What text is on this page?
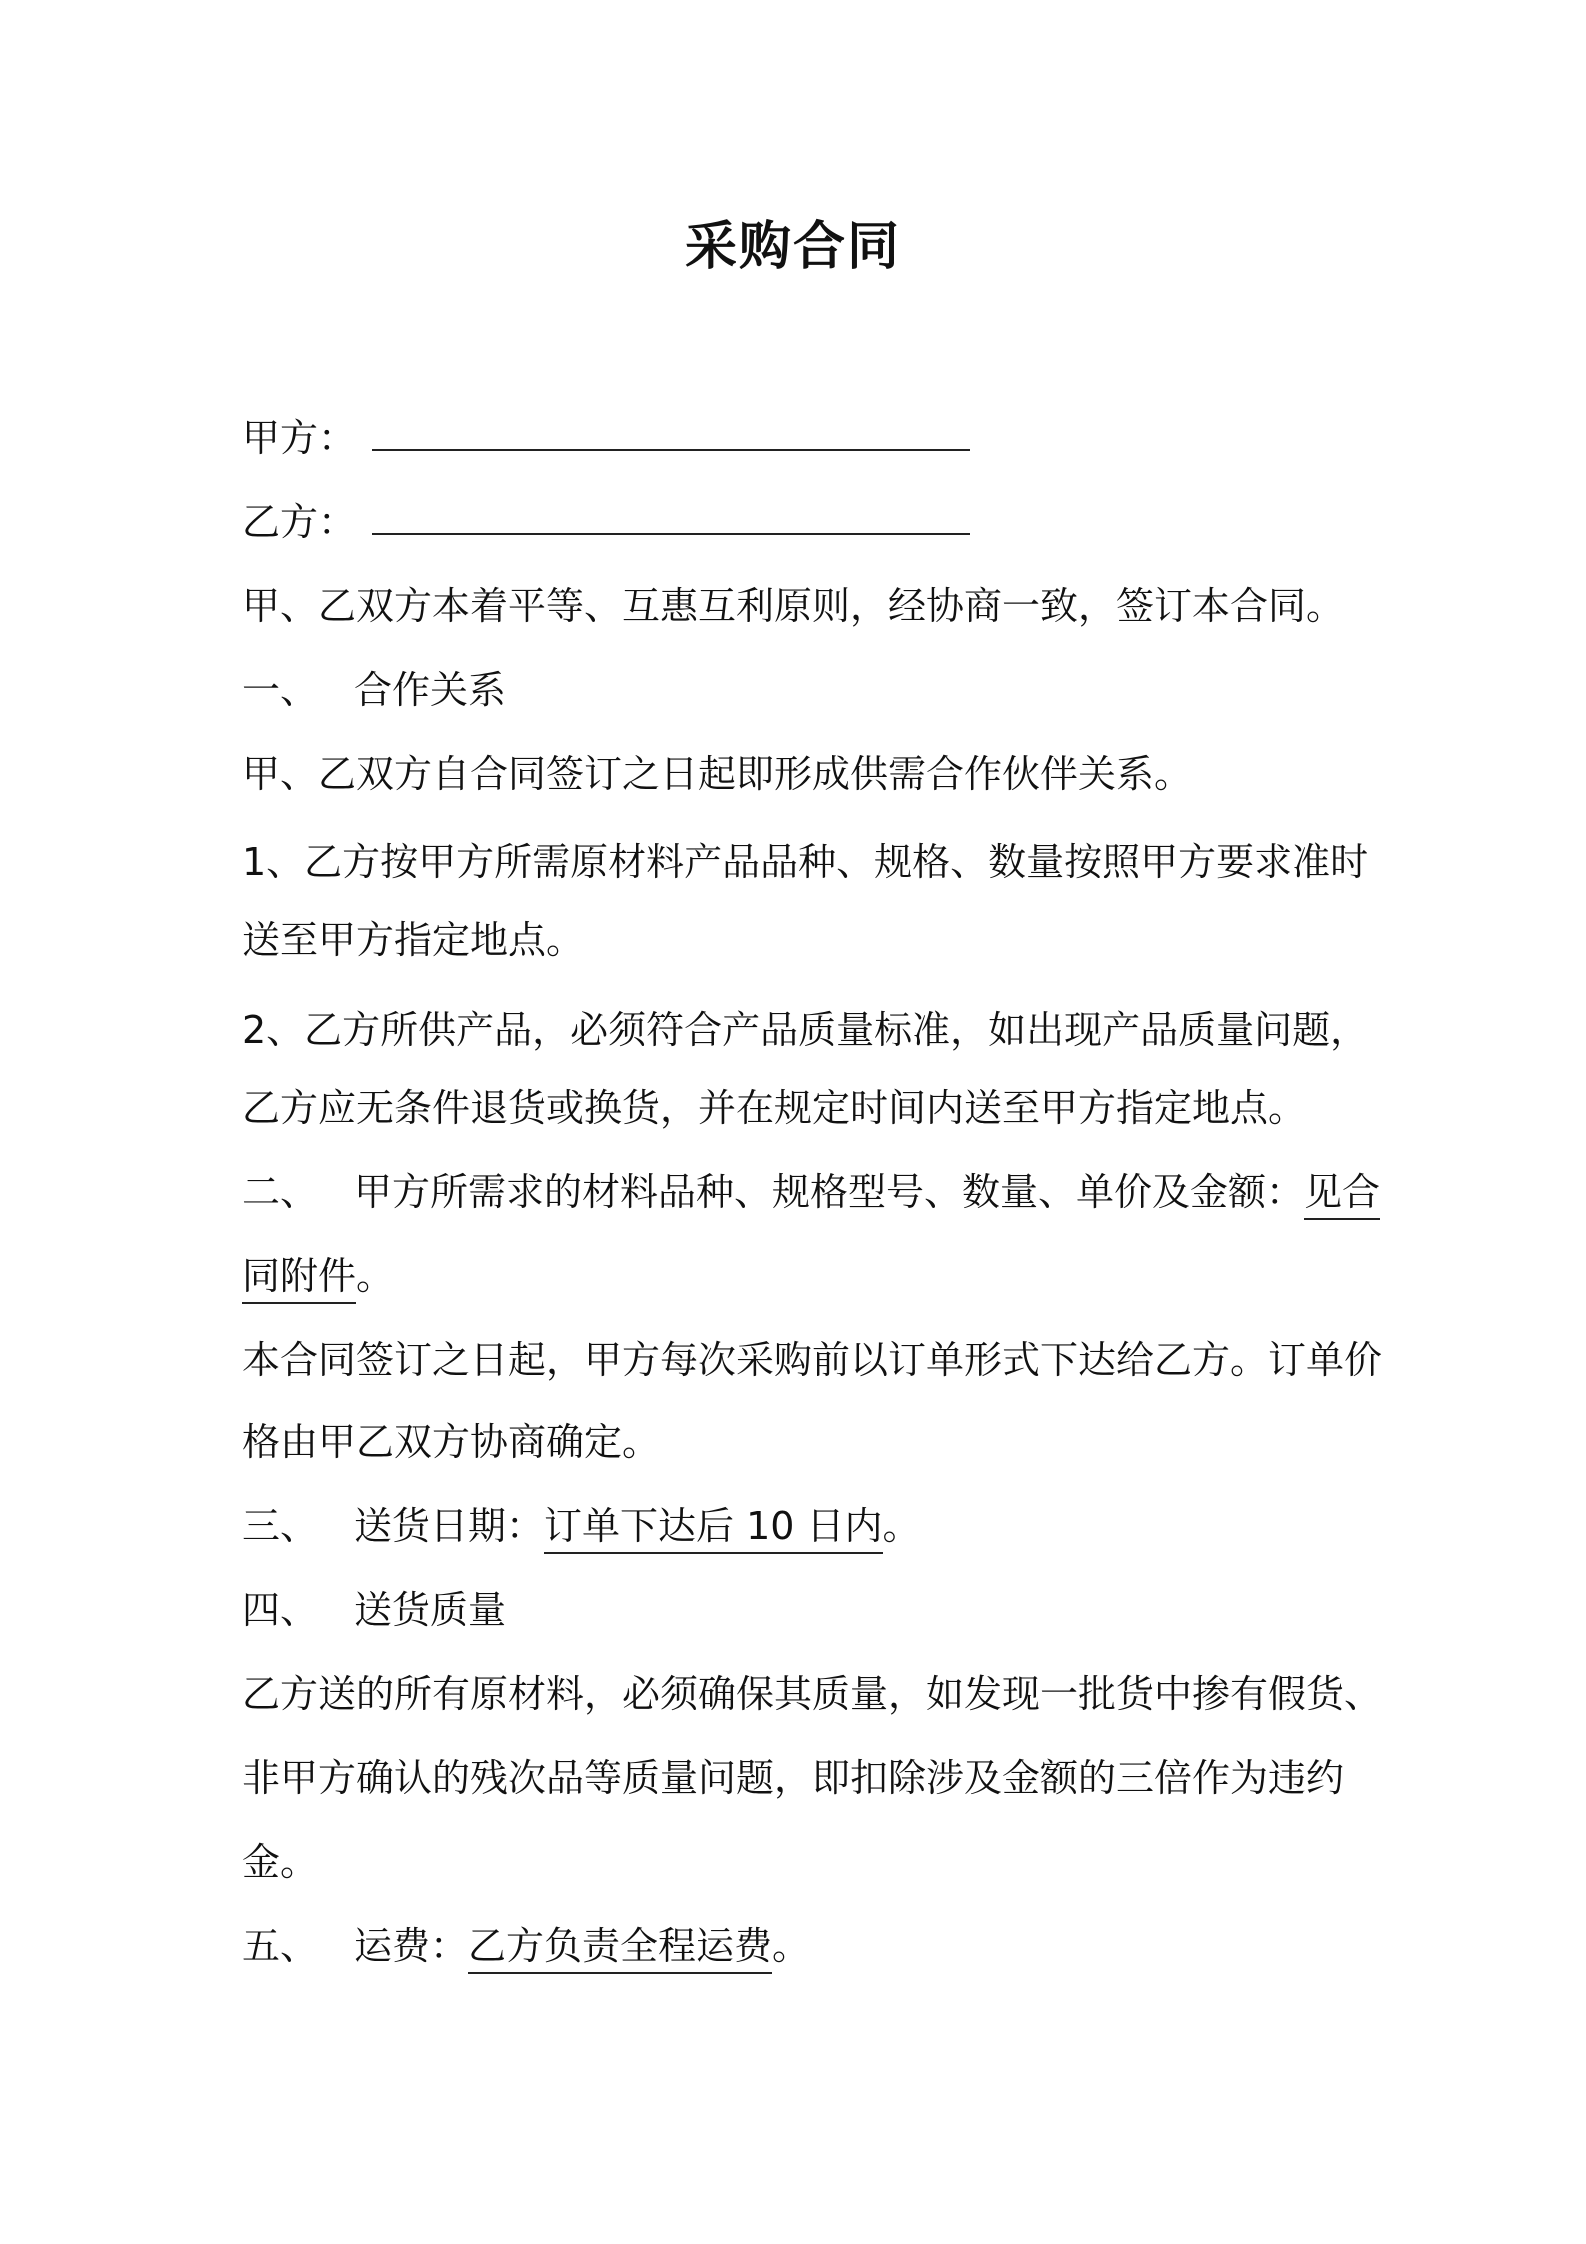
采购合同
甲方：
乙方：
甲、乙双方本着平等、互惠互利原则，经协商一致，签订本合同。
一、 合作关系
甲、乙双方自合同签订之日起即形成供需合作伙伴关系。
1、乙方按甲方所需原材料产品品种、规格、数量按照甲方要求准时
送至甲方指定地点。
2、乙方所供产品，必须符合产品质量标准，如出现产品质量问题，
乙方应无条件退货或换货，并在规定时间内送至甲方指定地点。
二、 甲方所需求的材料品种、规格型号、数量、单价及金额：见合
同附件。
本合同签订之日起，甲方每次采购前以订单形式下达给乙方。订单价
格由甲乙双方协商确定。
三、 送货日期：订单下达后 10 日内。
四、 送货质量
乙方送的所有原材料，必须确保其质量，如发现一批货中掺有假货、
非甲方确认的残次品等质量问题，即扣除涉及金额的三倍作为违约
金。
五、 运费：乙方负责全程运费。
